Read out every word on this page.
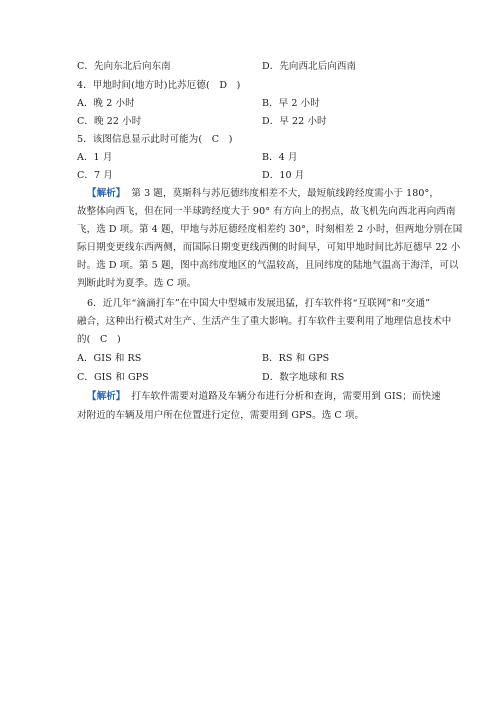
C．先向东北后向东南	D．先向西北后向西南
4．甲地时间(地方时)比苏厄德(　D　)
A．晚 2 小时	B．早 2 小时
C．晚 22 小时	D．早 22 小时
5．该图信息显示此时可能为(　C　)
A．1 月	B．4 月
C．7 月	D．10 月
【解析】 第 3 题，莫斯科与苏厄德纬度相差不大，最短航线跨经度需小于 180°，
故整体向西飞，但在同一半球跨经度大于 90° 有方向上的拐点，故飞机先向西北再向西南
飞，选 D 项。第 4 题，甲地与苏厄德经度相差约 30°，时刻相差 2 小时，但两地分别在国
际日期变更线东西两侧，而国际日期变更线西侧的时间早，可知甲地时间比苏厄德早 22 小
时。选 D 项。第 5 题，图中高纬度地区的气温较高，且同纬度的陆地气温高于海洋，可以
判断此时为夏季。选 C 项。
6．近几年“滴滴打车”在中国大中型城市发展迅猛，打车软件将“互联网”和“交通”
融合，这种出行模式对生产、生活产生了重大影响。打车软件主要利用了地理信息技术中
的(　C　)
A．GIS 和 RS	B．RS 和 GPS
C．GIS 和 GPS	D．数字地球和 RS
【解析】 打车软件需要对道路及车辆分布进行分析和查询，需要用到 GIS；而快速
对附近的车辆及用户所在位置进行定位，需要用到 GPS。选 C 项。
